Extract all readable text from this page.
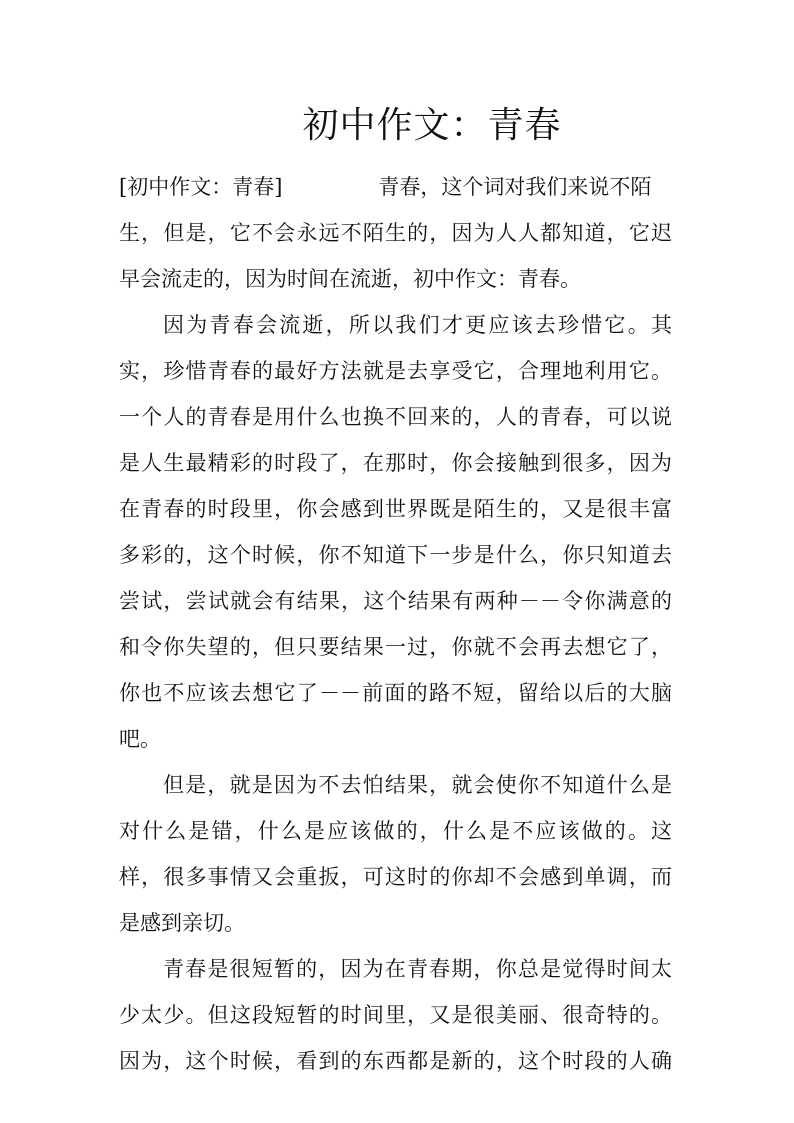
初中作文：青春

[初中作文：青春]	青春，这个词对我们来说不陌

生，但是，它不会永远不陌生的，因为人人都知道，它迟

早会流走的，因为时间在流逝，初中作文：青春。

因为青春会流逝，所以我们才更应该去珍惜它。其

实，珍惜青春的最好方法就是去享受它，合理地利用它。

一个人的青春是用什么也换不回来的，人的青春，可以说

是人生最精彩的时段了，在那时，你会接触到很多，因为

在青春的时段里，你会感到世界既是陌生的，又是很丰富

多彩的，这个时候，你不知道下一步是什么，你只知道去

尝试，尝试就会有结果，这个结果有两种－－令你满意的

和令你失望的，但只要结果一过，你就不会再去想它了，

你也不应该去想它了－－前面的路不短，留给以后的大脑

吧。

但是，就是因为不去怕结果，就会使你不知道什么是

对什么是错，什么是应该做的，什么是不应该做的。这

样，很多事情又会重扳，可这时的你却不会感到单调，而

是感到亲切。

青春是很短暂的，因为在青春期，你总是觉得时间太

少太少。但这段短暂的时间里，又是很美丽、很奇特的。

因为，这个时候，看到的东西都是新的，这个时段的人确
